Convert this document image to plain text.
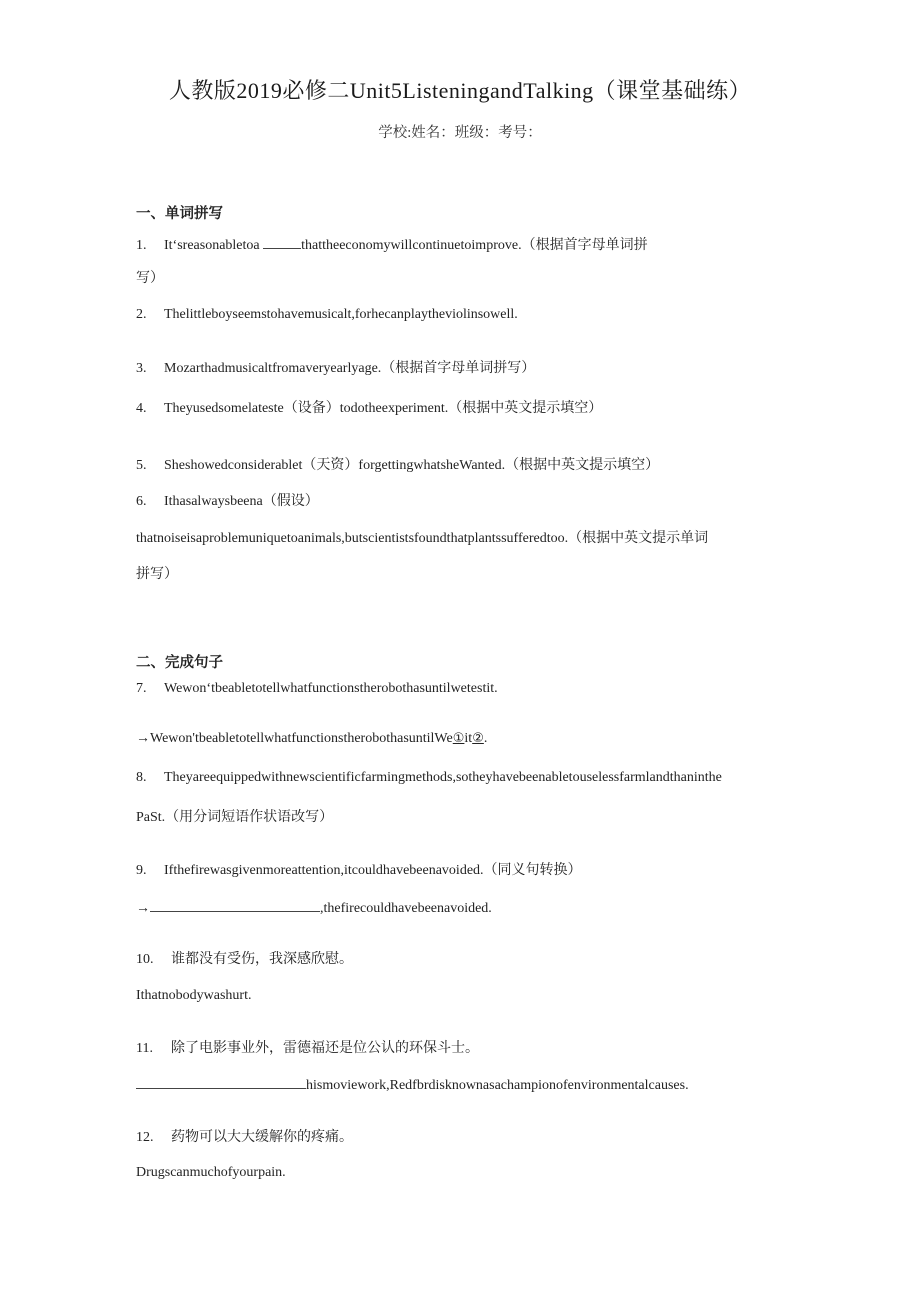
人教版2019必修二Unit5ListeningandTalking（课堂基础练）
学校:姓名：班级：考号：
一、单词拼写
1. It‘sreasonabletoa	thattheeconomywillcontinuetoimprove.（根据首字母单词拼
写）
2. Thelittleboyseemstohavemusicalt,forhecanplaytheviolinsowell.
3. Mozarthadmusicaltfromaveryearlyage.（根据首字母单词拼写）
4. Theyusedsomelateste（设备）todotheexperiment.（根据中英文提示填空）
5. Sheshowedconsiderablet（天资）forgettingwhatsheWanted.（根据中英文提示填空）
6. Ithasalwaysbeena（假设）
thatnoiseisaproblemuniquetoanimals,butscientistsfoundthatplantssufferedtoo.（根据中英文提示单词
拼写）
二、完成句子
7. Wewon‘tbeabletotellwhatfunctionstherobothasuntilwetestit.
→Wewon'tbeabletotellwhatfunctionstherobothasuntilWe①it②.
8. Theyareequippedwithnewscientificfarmingmethods,sotheyhavebeenabletouselessfarmlandthaninthe
PaSt.（用分词短语作状语改写）
9. Ifthefirewasgivenmoreattention,itcouldhavebeenavoided.（同义句转换）
→	,thefirecouldhavebeenavoided.
10. 谁都没有受伤，我深感欣慰。
Ithatnobodywashurt.
11. 除了电影事业外，雷德福还是位公认的环保斗士。
hismoviework,Redfbrdisknownasachampionofenvironmentalcauses.
12. 药物可以大大缓解你的疼痛。
Drugscanmuchofyourpain.
